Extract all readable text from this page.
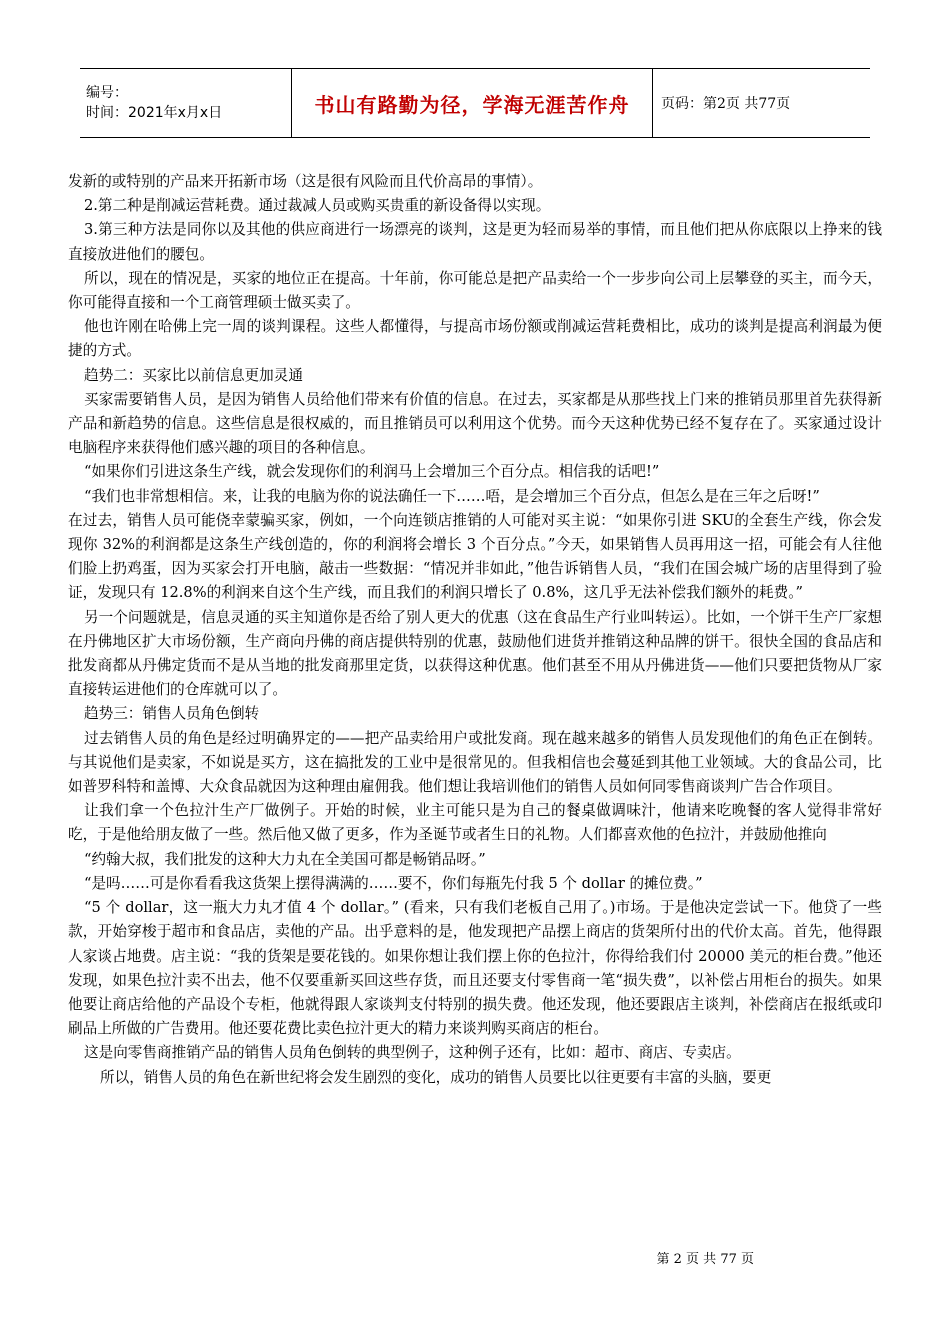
编号：
时间：2021年x月x日	书山有路勤为径，学海无涯苦作舟	页码：第2页 共77页

发新的或特别的产品来开拓新市场（这是很有风险而且代价高昂的事情）。

2.第二种是削减运营耗费。通过裁减人员或购买贵重的新设备得以实现。

3.第三种方法是同你以及其他的供应商进行一场漂亮的谈判，这是更为轻而易举的事情，而且他们把从你底限以上挣来的钱直接放进他们的腰包。

所以，现在的情况是，买家的地位正在提高。十年前，你可能总是把产品卖给一个一步步向公司上层攀登的买主，而今天，你可能得直接和一个工商管理硕士做买卖了。

他也许刚在哈佛上完一周的谈判课程。这些人都懂得，与提高市场份额或削减运营耗费相比，成功的谈判是提高利润最为便捷的方式。

趋势二：买家比以前信息更加灵通

买家需要销售人员，是因为销售人员给他们带来有价值的信息。在过去，买家都是从那些找上门来的推销员那里首先获得新产品和新趋势的信息。这些信息是很权威的，而且推销员可以利用这个优势。而今天这种优势已经不复存在了。买家通过设计电脑程序来获得他们感兴趣的项目的各种信息。

“如果你们引进这条生产线，就会发现你们的利润马上会增加三个百分点。相信我的话吧!”

“我们也非常想相信。来，让我的电脑为你的说法确任一下……唔，是会增加三个百分点，但怎么是在三年之后呀!”

在过去，销售人员可能侥幸蒙骗买家，例如，一个向连锁店推销的人可能对买主说：“如果你引进 SKU的全套生产线，你会发现你 32%的利润都是这条生产线创造的，你的利润将会增长 3 个百分点。”今天，如果销售人员再用这一招，可能会有人往他们脸上扔鸡蛋，因为买家会打开电脑，敲击一些数据：“情况并非如此，”他告诉销售人员，“我们在国会城广场的店里得到了验证，发现只有 12.8%的利润来自这个生产线，而且我们的利润只增长了 0.8%，这几乎无法补偿我们额外的耗费。”

另一个问题就是，信息灵通的买主知道你是否给了别人更大的优惠（这在食品生产行业叫转运）。比如，一个饼干生产厂家想在丹佛地区扩大市场份额，生产商向丹佛的商店提供特别的优惠，鼓励他们进货并推销这种品牌的饼干。很快全国的食品店和批发商都从丹佛定货而不是从当地的批发商那里定货，以获得这种优惠。他们甚至不用从丹佛进货——他们只要把货物从厂家直接转运进他们的仓库就可以了。

趋势三：销售人员角色倒转

过去销售人员的角色是经过明确界定的——把产品卖给用户或批发商。现在越来越多的销售人员发现他们的角色正在倒转。与其说他们是卖家，不如说是买方，这在搞批发的工业中是很常见的。但我相信也会蔓延到其他工业领域。大的食品公司，比如普罗科特和盖博、大众食品就因为这种理由雇佣我。他们想让我培训他们的销售人员如何同零售商谈判广告合作项目。

让我们拿一个色拉汁生产厂做例子。开始的时候，业主可能只是为自己的餐桌做调味汁，他请来吃晚餐的客人觉得非常好吃，于是他给朋友做了一些。然后他又做了更多，作为圣诞节或者生日的礼物。人们都喜欢他的色拉汁，并鼓励他推向

“约翰大叔，我们批发的这种大力丸在全美国可都是畅销品呀。”

“是吗……可是你看看我这货架上摆得满满的……要不，你们每瓶先付我 5 个 dollar 的摊位费。”

“5 个 dollar，这一瓶大力丸才值 4 个 dollar。” (看来，只有我们老板自己用了。)市场。于是他决定尝试一下。他贷了一些款，开始穿梭于超市和食品店，卖他的产品。出乎意料的是，他发现把产品摆上商店的货架所付出的代价太高。首先，他得跟人家谈占地费。店主说：“我的货架是要花钱的。如果你想让我们摆上你的色拉汁，你得给我们付 20000 美元的柜台费。”他还发现，如果色拉汁卖不出去，他不仅要重新买回这些存货，而且还要支付零售商一笔“损失费”，以补偿占用柜台的损失。如果他要让商店给他的产品设个专柜，他就得跟人家谈判支付特别的损失费。他还发现，他还要跟店主谈判，补偿商店在报纸或印刷品上所做的广告费用。他还要花费比卖色拉汁更大的精力来谈判购买商店的柜台。

这是向零售商推销产品的销售人员角色倒转的典型例子，这种例子还有，比如：超市、商店、专卖店。

所以，销售人员的角色在新世纪将会发生剧烈的变化，成功的销售人员要比以往更要有丰富的头脑，要更

第 2 页 共 77 页
